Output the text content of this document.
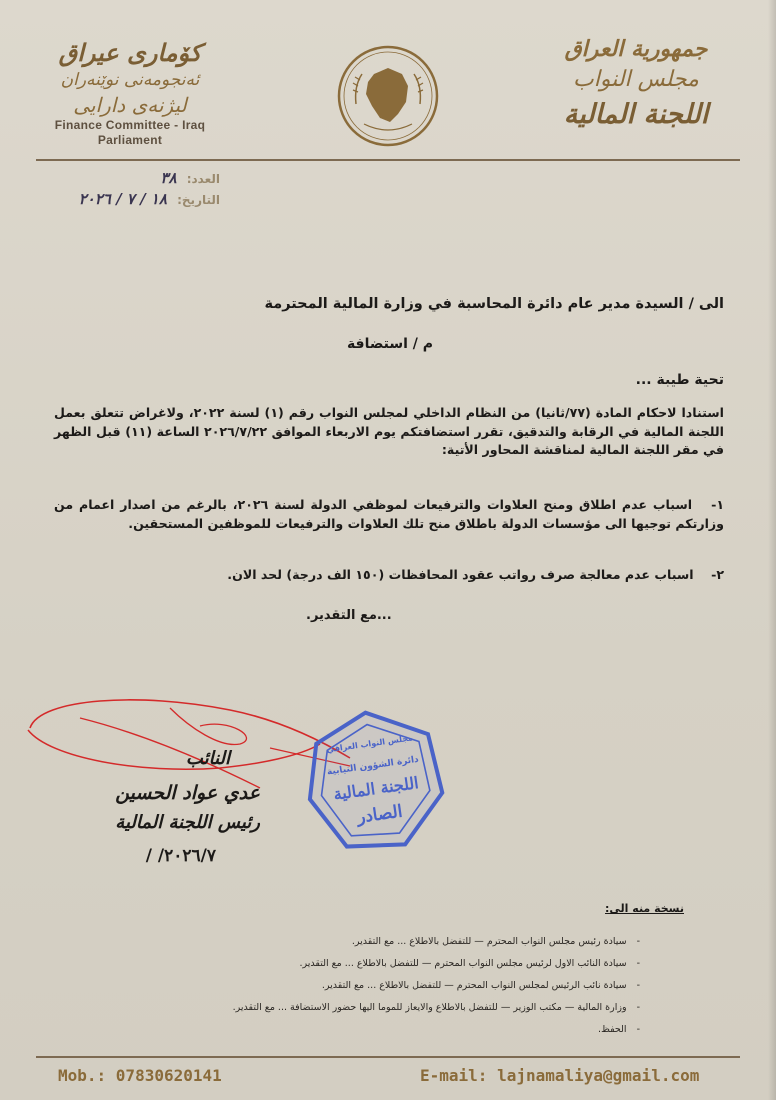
كۆمارى عيراق
ئه‌نجومه‌نی نوێنه‌ران
لیژنه‌ی دارایی
Finance Committee - Iraq
Parliament
جمهورية العراق
مجلس النواب
اللجنة المالية
العدد: ٣٨
التاريخ: ١٨ / ٧ / ٢٠٢٦
الى / السيدة مدير عام دائرة المحاسبة في وزارة المالية المحترمة
م / استضافة
تحية طيبة ...
استنادا لاحكام المادة (٧٧/ثانيا) من النظام الداخلي لمجلس النواب رقم (١) لسنة ٢٠٢٢، ولاغراض تتعلق بعمل اللجنة المالية في الرقابة والتدقيق، تقرر استضافتكم يوم الاربعاء الموافق ٢٠٢٦/٧/٢٢ الساعة (١١) قبل الظهر في مقر اللجنة المالية لمناقشة المحاور الأتية:
١- اسباب عدم اطلاق ومنح العلاوات والترفيعات لموظفي الدولة لسنة ٢٠٢٦، بالرغم من اصدار اعمام من وزارتكم توجيها الى مؤسسات الدولة باطلاق منح تلك العلاوات والترفيعات للموظفين المستحقين.
٢- اسباب عدم معالجة صرف رواتب عقود المحافظات (١٥٠ الف درجة) لحد الان.
...مع التقدير.
النائب
عدي عواد الحسين
رئيس اللجنة المالية
٢٠٢٦/٧/ /
مجلس النواب العراقي
دائرة الشؤون النيابية
اللجنة المالية
الصادر
نسخة منه الى:
-سيادة رئيس مجلس النواب المحترم — للتفضل بالاطلاع ... مع التقدير.
-سيادة النائب الاول لرئيس مجلس النواب المحترم — للتفضل بالاطلاع ... مع التقدير.
-سيادة نائب الرئيس لمجلس النواب المحترم — للتفضل بالاطلاع ... مع التقدير.
-وزارة المالية — مكتب الوزير — للتفضل بالاطلاع والايعاز للموما اليها حضور الاستضافة ... مع التقدير.
-الحفظ.
Mob.: 07830620141	E-mail: lajnamaliya@gmail.com
